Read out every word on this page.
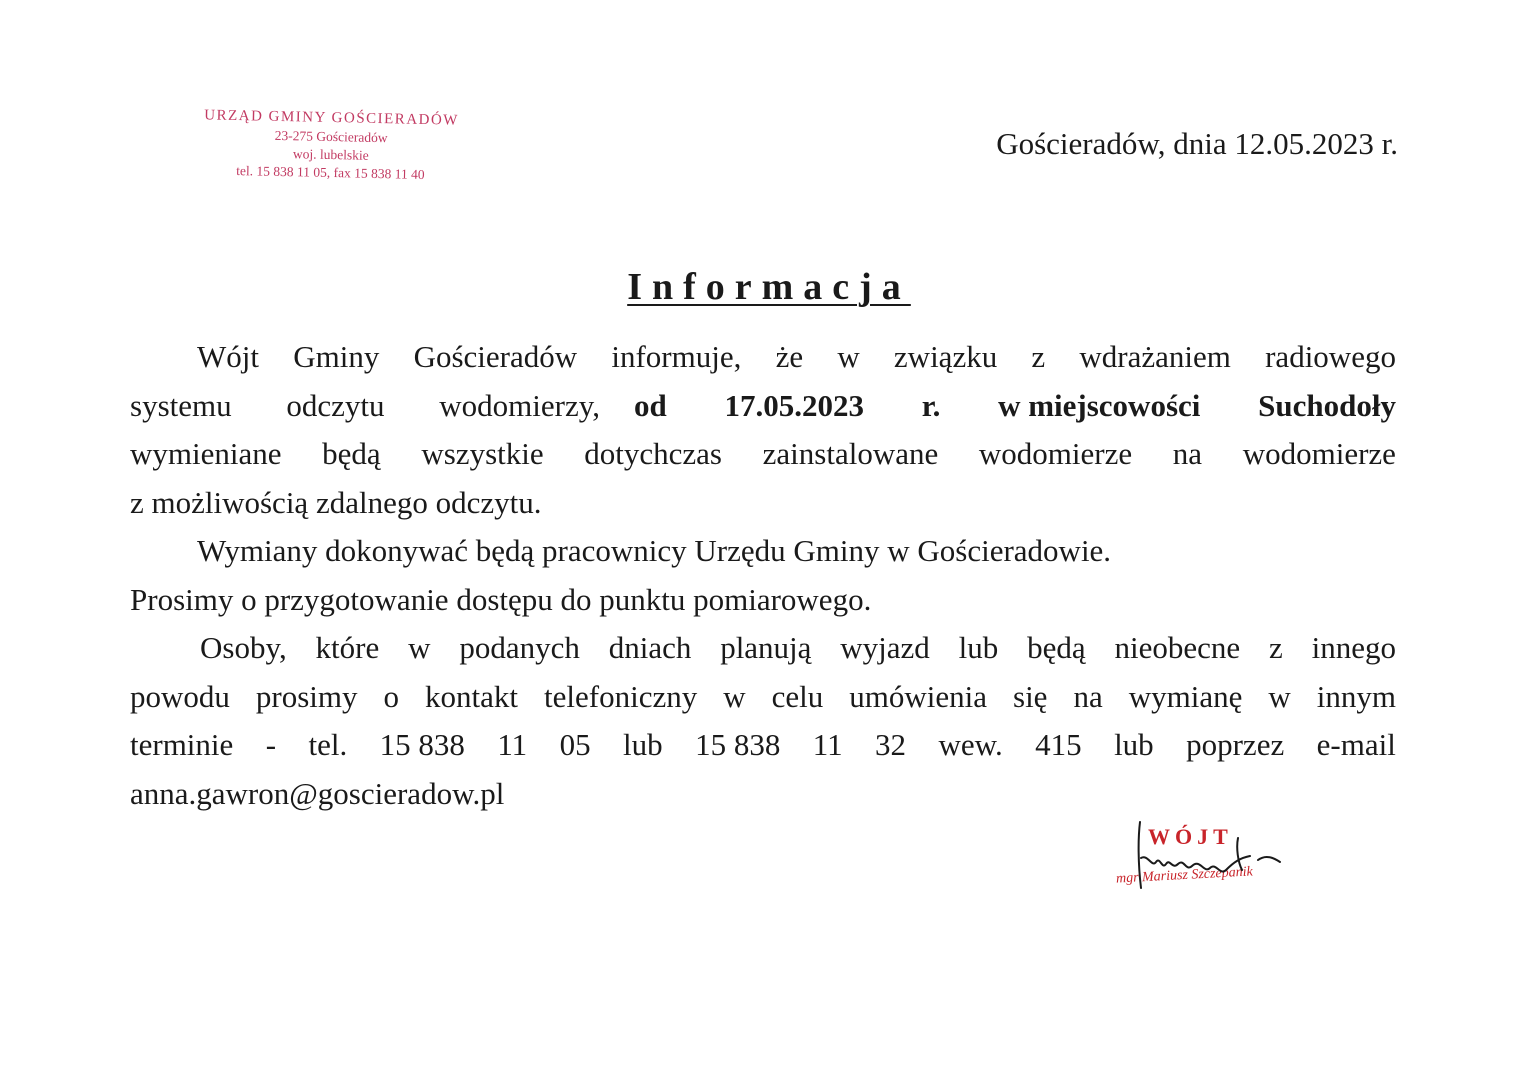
URZĄD GMINY GOŚCIERADÓW
23-275 Gościeradów
woj. lubelskie
tel. 15 838 11 05, fax 15 838 11 40
Gościeradów, dnia 12.05.2023 r.
Informacja
Wójt Gminy Gościeradów informuje, że w związku z wdrażaniem radiowego
systemu odczytu wodomierzy, od 17.05.2023 r. w miejscowości Suchodoły
wymieniane będą wszystkie dotychczas zainstalowane wodomierze na wodomierze
z możliwością zdalnego odczytu.
Wymiany dokonywać będą pracownicy Urzędu Gminy w Gościeradowie.
Prosimy o przygotowanie dostępu do punktu pomiarowego.
Osoby, które w podanych dniach planują wyjazd lub będą nieobecne z innego
powodu prosimy o kontakt telefoniczny w celu umówienia się na wymianę w innym
terminie - tel. 15 838 11 05 lub 15 838 11 32 wew. 415 lub poprzez e-mail
anna.gawron@goscieradow.pl
WÓJT
mgr Mariusz Szczepanik
